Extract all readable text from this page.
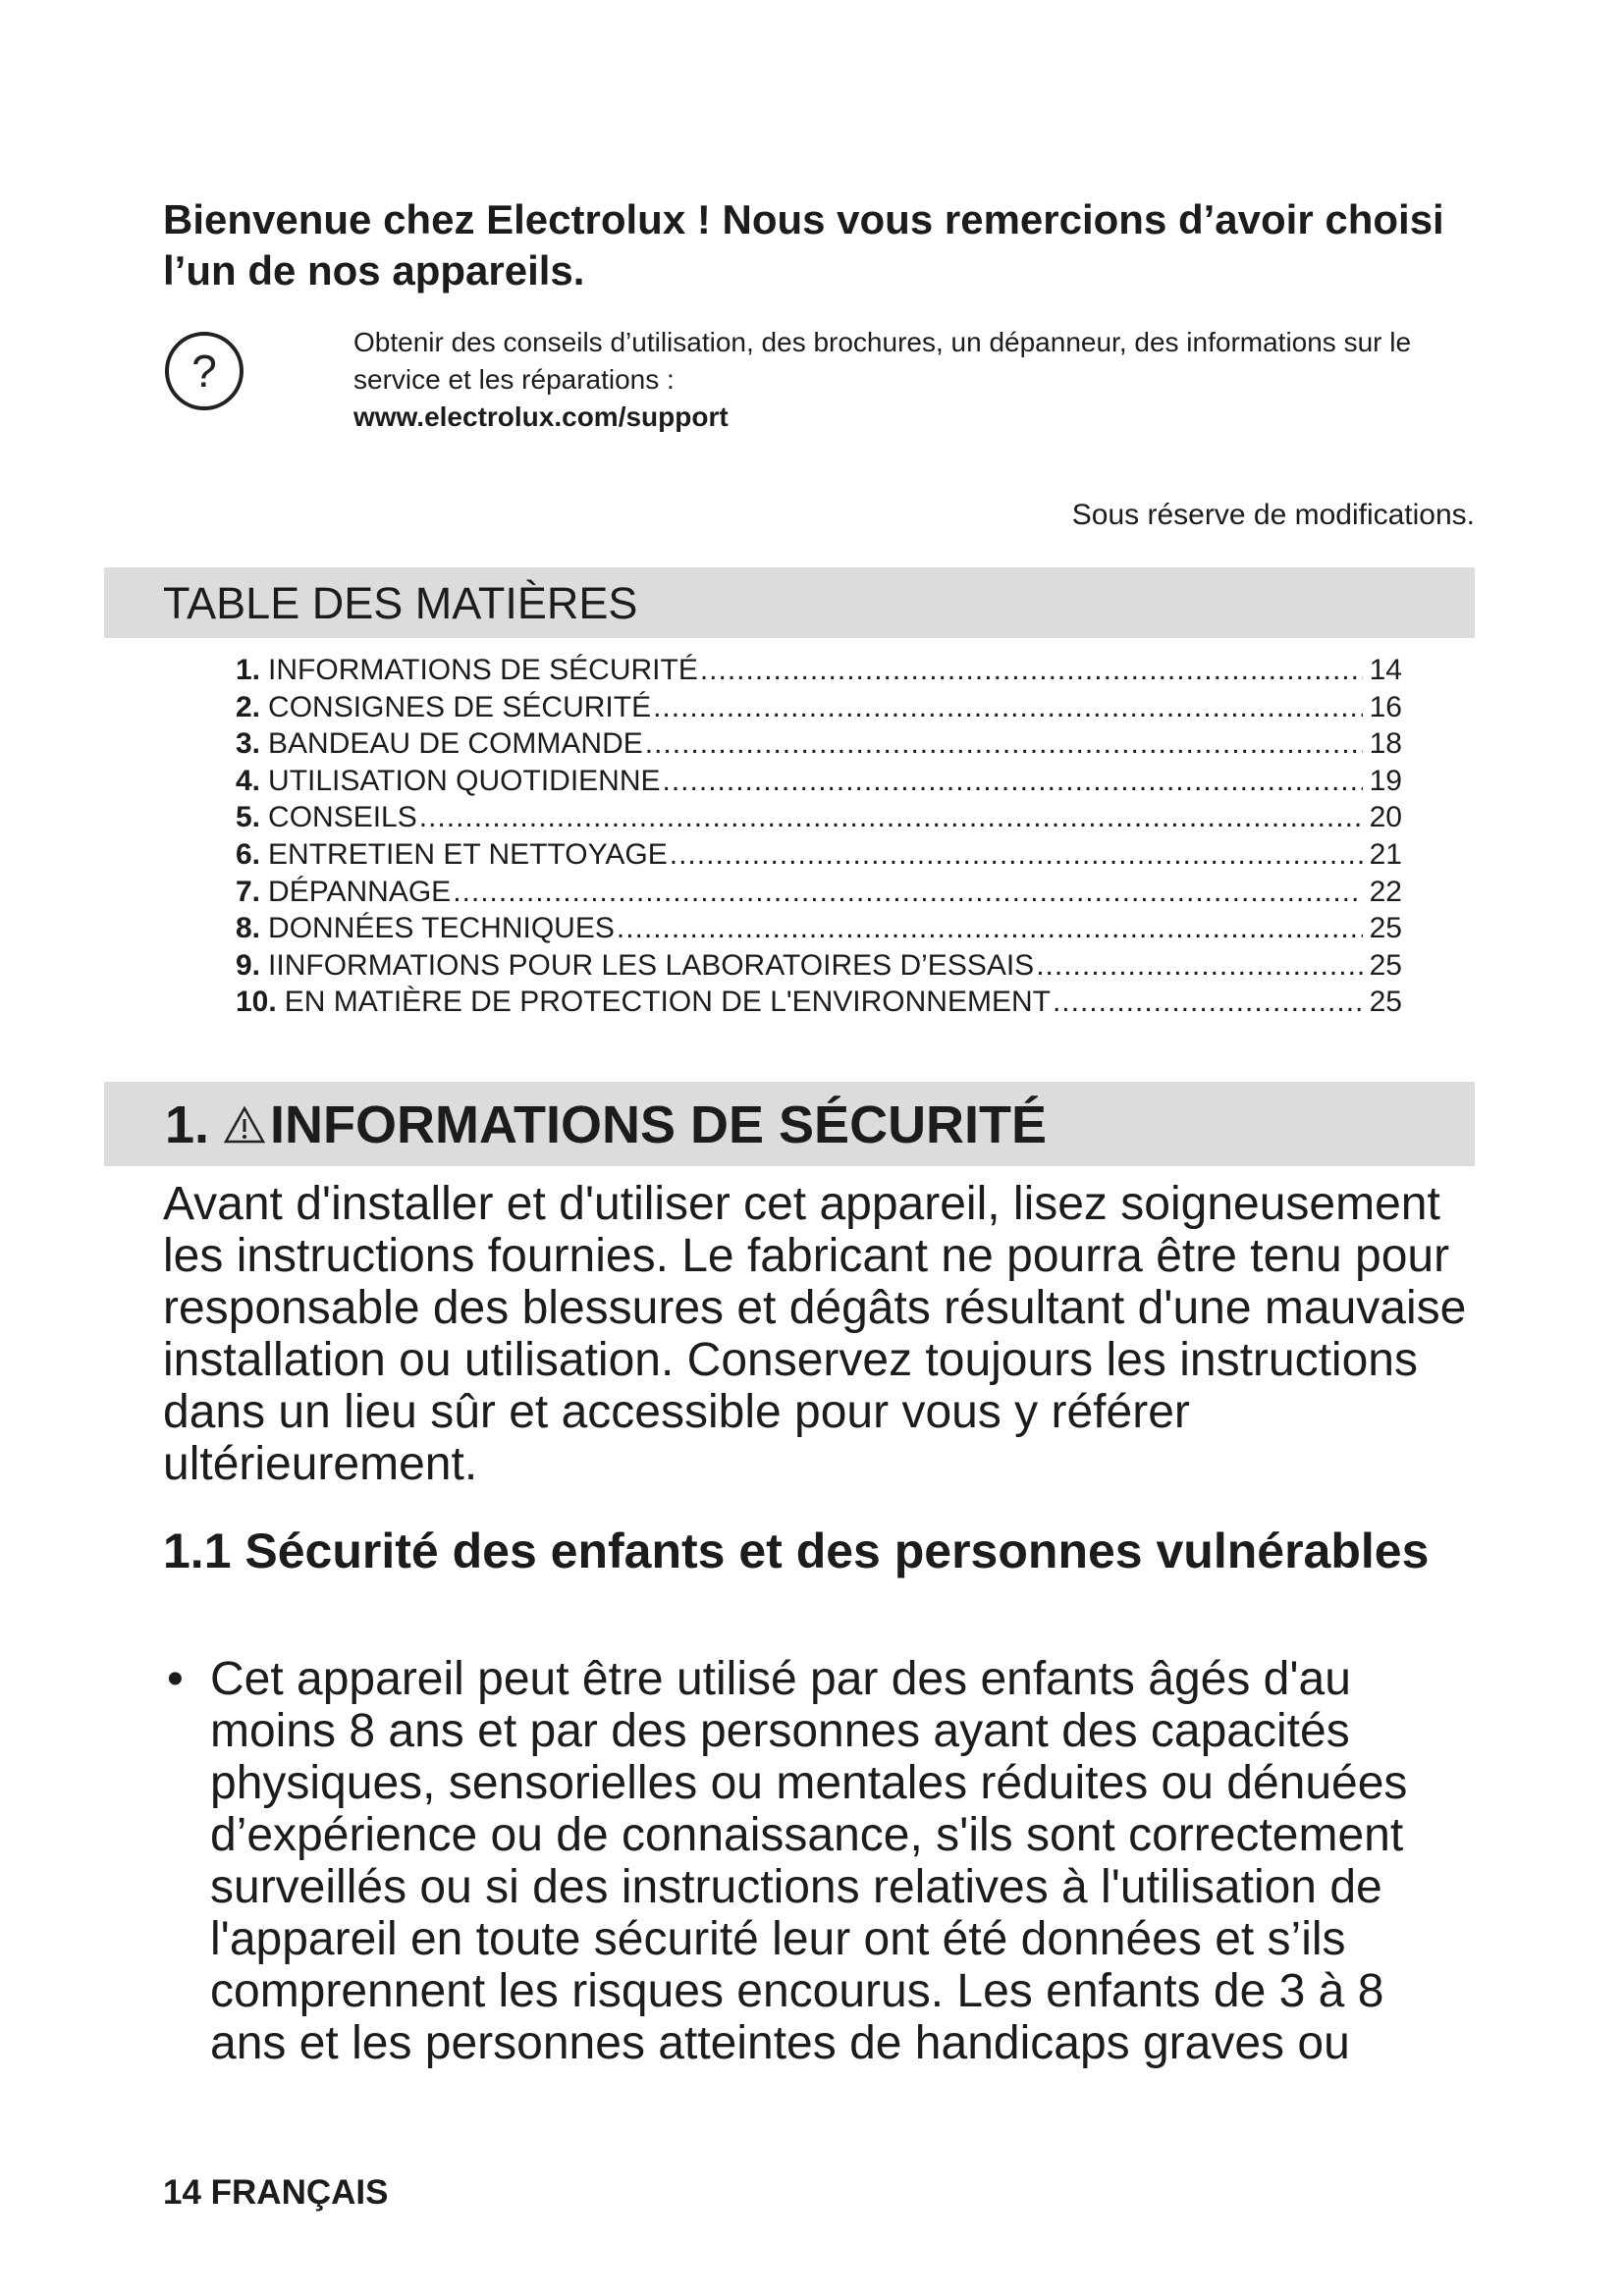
Bienvenue chez Electrolux ! Nous vous remercions d’avoir choisi l’un de nos appareils.
?
Obtenir des conseils d’utilisation, des brochures, un dépanneur, des informations sur le service et les réparations :
www.electrolux.com/support
Sous réserve de modifications.
TABLE DES MATIÈRES
1. INFORMATIONS DE SÉCURITÉ .....	14
2. CONSIGNES DE SÉCURITÉ .....	16
3. BANDEAU DE COMMANDE .....	18
4. UTILISATION QUOTIDIENNE .....	19
5. CONSEILS .....	20
6. ENTRETIEN ET NETTOYAGE .....	21
7. DÉPANNAGE .....	22
8. DONNÉES TECHNIQUES .....	25
9. IINFORMATIONS POUR LES LABORATOIRES D’ESSAIS .....	25
10. EN MATIÈRE DE PROTECTION DE L'ENVIRONNEMENT .....	25
1. INFORMATIONS DE SÉCURITÉ

Avant d'installer et d'utiliser cet appareil, lisez soigneusement les instructions fournies. Le fabricant ne pourra être tenu pour responsable des blessures et dégâts résultant d'une mauvaise installation ou utilisation. Conservez toujours les instructions dans un lieu sûr et accessible pour vous y référer ultérieurement.

1.1 Sécurité des enfants et des personnes vulnérables
• Cet appareil peut être utilisé par des enfants âgés d'au moins 8 ans et par des personnes ayant des capacités physiques, sensorielles ou mentales réduites ou dénuées d’expérience ou de connaissance, s'ils sont correctement surveillés ou si des instructions relatives à l'utilisation de l'appareil en toute sécurité leur ont été données et s’ils comprennent les risques encourus. Les enfants de 3 à 8 ans et les personnes atteintes de handicaps graves ou
14 FRANÇAIS
